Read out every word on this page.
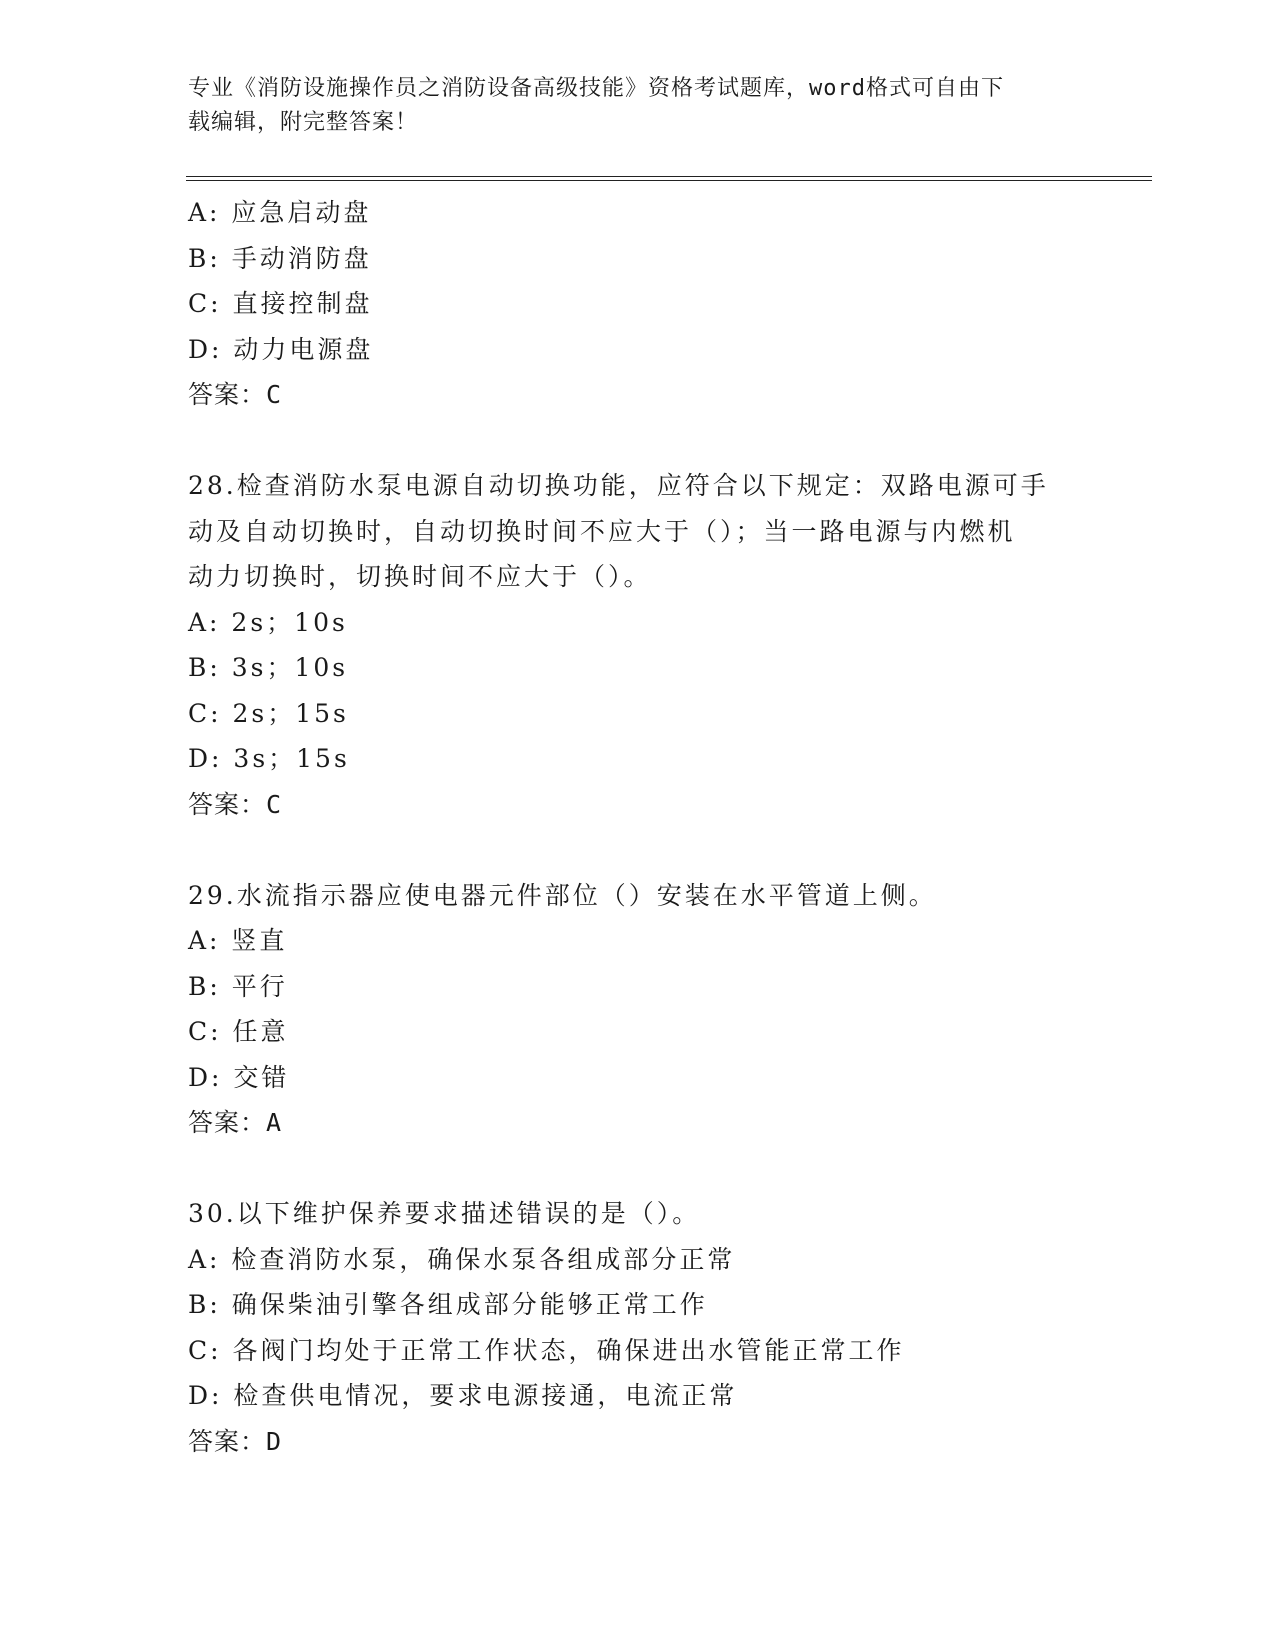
专业《消防设施操作员之消防设备高级技能》资格考试题库，word格式可自由下
载编辑，附完整答案！
A: 应急启动盘
B: 手动消防盘
C: 直接控制盘
D: 动力电源盘
答案：C
28.检查消防水泵电源自动切换功能，应符合以下规定：双路电源可手
动及自动切换时，自动切换时间不应大于（）；当一路电源与内燃机
动力切换时，切换时间不应大于（）。
A: 2s；10s
B: 3s；10s
C: 2s；15s
D: 3s；15s
答案：C
29.水流指示器应使电器元件部位（）安装在水平管道上侧。
A: 竖直
B: 平行
C: 任意
D: 交错
答案：A
30.以下维护保养要求描述错误的是（）。
A: 检查消防水泵，确保水泵各组成部分正常
B: 确保柴油引擎各组成部分能够正常工作
C: 各阀门均处于正常工作状态，确保进出水管能正常工作
D: 检查供电情况，要求电源接通，电流正常
答案：D
